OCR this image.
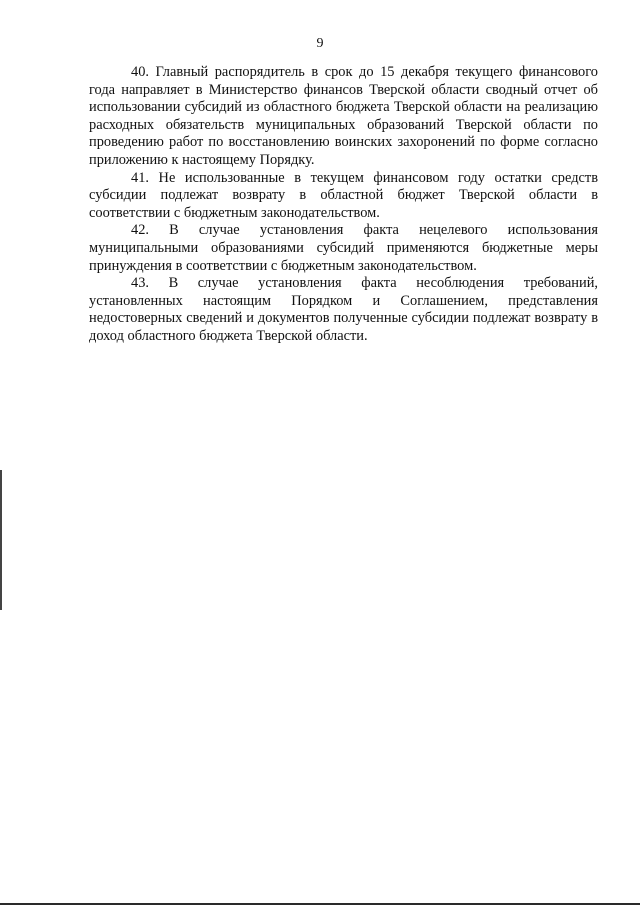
9

40. Главный распорядитель в срок до 15 декабря текущего финансового года направляет в Министерство финансов Тверской области сводный отчет об использовании субсидий из областного бюджета Тверской области на реализацию расходных обязательств муниципальных образований Тверской области по проведению работ по восстановлению воинских захоронений по форме согласно приложению к настоящему Порядку.

41. Не использованные в текущем финансовом году остатки средств субсидии подлежат возврату в областной бюджет Тверской области в соответствии с бюджетным законодательством.

42. В случае установления факта нецелевого использования муниципальными образованиями субсидий применяются бюджетные меры принуждения в соответствии с бюджетным законодательством.

43. В случае установления факта несоблюдения требований, установленных настоящим Порядком и Соглашением, представления недостоверных сведений и документов полученные субсидии подлежат возврату в доход областного бюджета Тверской области.
